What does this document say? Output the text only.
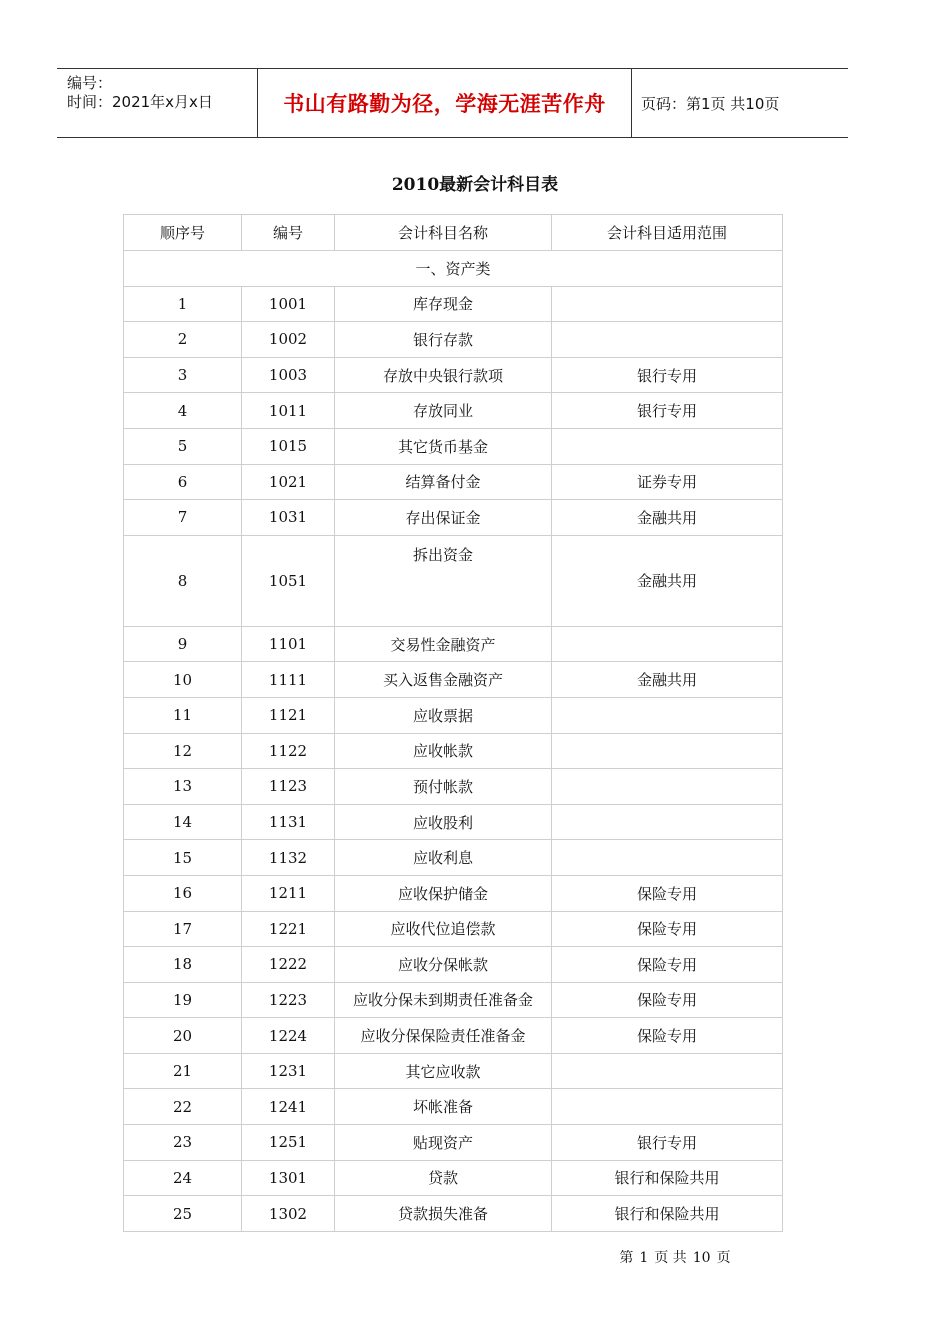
编号：
时间：2021年x月x日	书山有路勤为径，学海无涯苦作舟 页码：第1页 共10页
2010最新会计科目表
顺序号	编号	会计科目名称	会计科目适用范围
一、资产类			
1	1001	库存现金	
2	1002	银行存款	
3	1003	存放中央银行款项	银行专用
4	1011	存放同业	银行专用
5	1015	其它货币基金	
6	1021	结算备付金	证券专用
7	1031	存出保证金	金融共用
8	1051	拆出资金	金融共用
9	1101	交易性金融资产	
10	1111	买入返售金融资产	金融共用
11	1121	应收票据	
12	1122	应收帐款	
13	1123	预付帐款	
14	1131	应收股利	
15	1132	应收利息	
16	1211	应收保护储金	保险专用
17	1221	应收代位追偿款	保险专用
18	1222	应收分保帐款	保险专用
19	1223	应收分保未到期责任准备金	保险专用
20	1224	应收分保保险责任准备金	保险专用
21	1231	其它应收款	
22	1241	坏帐准备	
23	1251	贴现资产	银行专用
24	1301	贷款	银行和保险共用
25	1302	贷款损失准备	银行和保险共用
第 1 页 共 10 页
